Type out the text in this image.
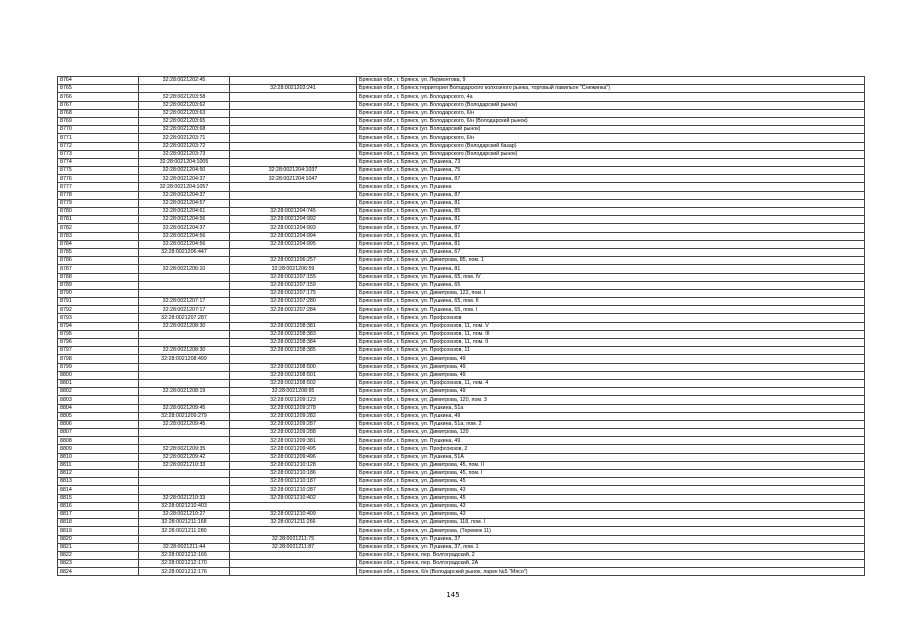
8764	32:28:0021202:45		Брянская обл., г. Брянск, ул. Лермонтова, 9
8765		32:28:0021203:241	Брянская обл., г. Брянск,территория Володарского колхозного рынка, торговый павильон "Снежинка")
8766	32:28:0021203:58		Брянская обл., г. Брянск, ул. Володарского, 4а
8767	32:28:0021203:62		Брянская обл., г. Брянск, ул. Володарского (Володарский рынок)
8768	32:28:0021203:63		Брянская обл., г. Брянск, ул. Володарского, 6/н
8769	32:28:0021203:65		Брянская обл., г. Брянск, ул. Володарского, 6/н (Володарский рынок)
8770	32:28:0021203:68		Брянская обл., г. Брянск (ул. Володарский рынок)
8771	32:28:0021203:71		Брянская обл., г. Брянск, ул. Володарского, 6/н
8772	32:28:0021203:72		Брянская обл., г. Брянск, ул. Володарского (Володарский базар)
8773	32:28:0021203:73		Брянская обл., г. Брянск, ул. Володарского (Володарский рынок)
8774	32:28:0021204:1005		Брянская обл., г. Брянск, ул. Пушкина, 73
8775	32:28:0021204:50	32:28:0021204:1037	Брянская обл., г. Брянск, ул. Пушкина, 75
8776	32:28:0021204:37	32:28:0021204:1047	Брянская обл., г. Брянск, ул. Пушкина, 87
8777	32:28:0021204:1057		Брянская обл., г. Брянск, ул. Пушкина
8778	32:28:0021204:37		Брянская обл., г. Брянск, ул. Пушкина, 87
8779	32:28:0021204:57		Брянская обл., г. Брянск, ул. Пушкина, 81
8780	32:28:0021204:61	32:28:0021204:745	Брянская обл., г. Брянск, ул. Пушкина, 85
8781	32:28:0021204:56	32:28:0021204:992	Брянская обл., г. Брянск, ул. Пушкина, 81
8782	32:28:0021204:37	32:28:0021204:993	Брянская обл., г. Брянск, ул. Пушкина, 87
8783	32:28:0021204:56	32:28:0021204:994	Брянская обл., г. Брянск, ул. Пушкина, 81
8784	32:28:0021204:56	32:28:0021204:995	Брянская обл., г. Брянск, ул. Пушкина, 81
8785	32:28:0021206:447		Брянская обл., г. Брянск, ул. Пушкина, 67
8786		32:28:0021206:257	Брянская обл., г. Брянск, ул. Димитрова, 85, пом. 1
8787	32:28:0021206:10	32:28:0021206:59	Брянская обл., г. Брянск, ул. Пушкина, 81
8788		32:28:0021207:155	Брянская обл., г. Брянск, ул. Пушкина, 65, пом. IV
8789		32:28:0021207:159	Брянская обл., г. Брянск, ул. Пушкина, 65
8790		32:28:0021207:175	Брянская обл., г. Брянск, ул. Димитрова, 122, пом. I
8791	32:28:0021207:17	32:28:0021207:280	Брянская обл., г. Брянск, ул. Пушкина, 65, пом. II
8792	32:28:0021207:17	32:28:0021207:284	Брянская обл., г. Брянск, ул. Пушкина, 65, пом. I
8793	32:28:0021207:287		Брянская обл., г. Брянск, ул. Профсоюзов
8794	32:28:0021208:30	32:28:0021208:381	Брянская обл., г. Брянск, ул. Профсоюзов, 11, пом. V
8795		32:28:0021208:383	Брянская обл., г. Брянск, ул. Профсоюзов, 11, пом. III
8796		32:28:0021208:384	Брянская обл., г. Брянск, ул. Профсоюзов, 11, пом. II
8797	32:28:0021208:30	32:28:0021208:385	Брянская обл., г. Брянск, ул. Профсоюзов, 11
8798	32:28:0021208:499		Брянская обл., г. Брянск, ул. Димитрова, 49
8799		32:28:0021208:500	Брянская обл., г. Брянск, ул. Димитрова, 49
8800		32:28:0021208:501	Брянская обл., г. Брянск, ул. Димитрова, 49
8801		32:28:0021208:502	Брянская обл., г. Брянск, ул. Профсоюзов, 11, пом. 4
8802	32:28:0021208:19	32:28:0021208:95	Брянская обл., г. Брянск, ул. Димитрова, 49
8803		32:28:0021209:123	Брянская обл., г. Брянск, ул. Димитрова, 120, пом. 3
8804	32:28:0021209:45	32:28:0021209:278	Брянская обл., г. Брянск, ул. Пушкина, 51а
8805	32:28:0021209:279	32:28:0021209:282	Брянская обл., г. Брянск, ул. Пушкина, 49
8806	32:28:0021209:45	32:28:0021209:287	Брянская обл., г. Брянск, ул. Пушкина, 51а, пом. 2
8807		32:28:0021209:288	Брянская обл., г. Брянск, ул. Димитрова, 120
8808		32:28:0021209:381	Брянская обл., г. Брянск, ул. Пушкина, 49
8809	32:28:0021209:35	32:28:0021209:495	Брянская обл., г. Брянск, ул. Профсоюзов, 2
8810	32:28:0021209:42	32:28:0021209:496	Брянская обл., г. Брянск, ул. Пушкина, 51А
8811	32:28:0021210:33	32:28:0021210:128	Брянская обл., г. Брянск, ул. Димитрова, 45, пом. II
8812		32:28:0021210:186	Брянская обл., г. Брянск, ул. Димитрова, 45, пом. I
8813		32:28:0021210:187	Брянская обл., г. Брянск, ул. Димитрова, 45
8814		32:28:0021210:287	Брянская обл., г. Брянск, ул. Димитрова, 43
8815	32:28:0021210:33	32:28:0021210:402	Брянская обл., г. Брянск, ул. Димитрова, 45
8816	32:28:0021210:403		Брянская обл., г. Брянск, ул. Димитрова, 43
8817	32:28:0021210:27	32:28:0021210:409	Брянская обл., г. Брянск, ул. Димитрова, 43
8818	32:28:0021211:168	32:28:0021211:266	Брянская обл., г. Брянск, ул. Димитрова, 118, пом. I
8819	32:28:0021211:280		Брянская обл., г. Брянск, ул. Димитрова, (Теремок 11)
8820		32:28:0021211:75	Брянская обл., г. Брянск, ул. Пушкина, 37
8821	32:28:0021211:44	32:28:0021211:87	Брянская обл., г. Брянск, ул. Пушкина, 37, пом. 1
8822	32:28:0021212:166		Брянская обл., г. Брянск, пер. Волгоградский, 2
8823	32:28:0021212:170		Брянская обл., г. Брянск, пер. Волгоградский, 2А
8824	32:28:0021212:176		Брянская обл., г. Брянск, 6/н (Володарский рынок, ларек №5 "Мясо")
145
